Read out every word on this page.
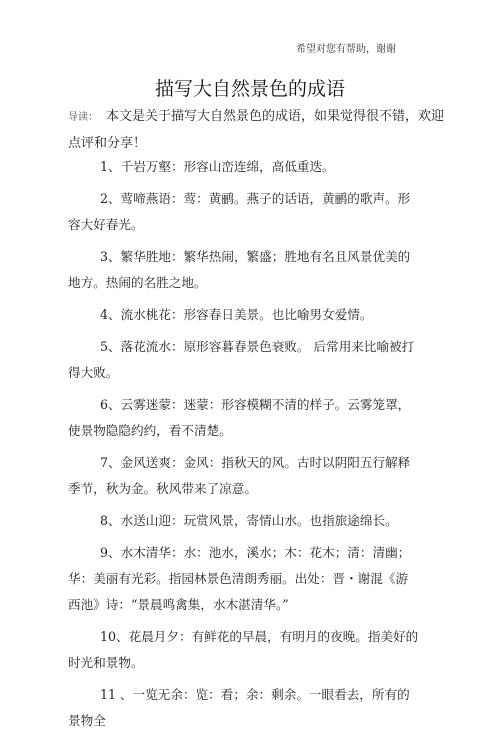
希望对您有帮助，谢谢
描写大自然景色的成语
导读： 本文是关于描写大自然景色的成语，如果觉得很不错，欢迎点评和分享！
1、千岩万壑：形容山峦连绵，高低重迭。
2、莺啼燕语：莺：黄鹂。燕子的话语，黄鹂的歌声。形容大好春光。
3、繁华胜地：繁华热闹，繁盛；胜地有名且风景优美的地方。热闹的名胜之地。
4、流水桃花：形容春日美景。也比喻男女爱情。
5、落花流水：原形容暮春景色衰败。 后常用来比喻被打得大败。
6、云雾迷蒙：迷蒙：形容模糊不清的样子。云雾笼罩，使景物隐隐约约，看不清楚。
7、金风送爽：金风：指秋天的风。古时以阴阳五行解释季节，秋为金。秋风带来了凉意。
8、水送山迎：玩赏风景，寄情山水。也指旅途绵长。
9、水木清华：水：池水，溪水；木：花木；清：清幽；华：美丽有光彩。指园林景色清朗秀丽。出处：晋・谢混《游西池》诗：“景晨鸣禽集，水木湛清华。”
10、花晨月夕：有鲜花的早晨，有明月的夜晚。指美好的时光和景物。
11 、一览无余：览：看；余：剩余。一眼看去，所有的景物全
